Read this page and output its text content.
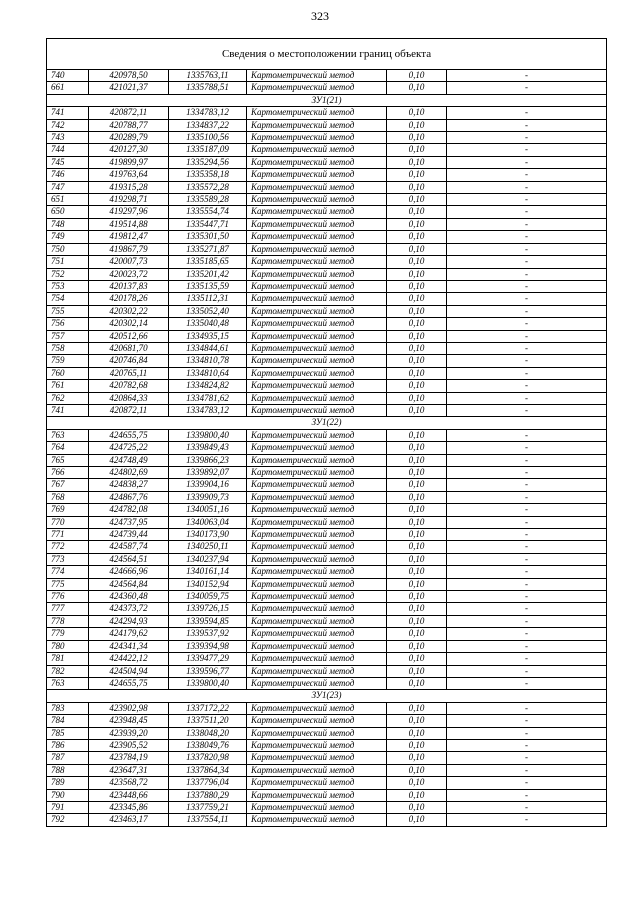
323
Сведения о местоположении границ объекта					
740	420978,50	1335763,11	Картометрический метод	0,10	-
661	421021,37	1335788,51	Картометрический метод	0,10	-
ЗУ1(21)					
741	420872,11	1334783,12	Картометрический метод	0,10	-
742	420788,77	1334837,22	Картометрический метод	0,10	-
743	420289,79	1335100,56	Картометрический метод	0,10	-
744	420127,30	1335187,09	Картометрический метод	0,10	-
745	419899,97	1335294,56	Картометрический метод	0,10	-
746	419763,64	1335358,18	Картометрический метод	0,10	-
747	419315,28	1335572,28	Картометрический метод	0,10	-
651	419298,71	1335589,28	Картометрический метод	0,10	-
650	419297,96	1335554,74	Картометрический метод	0,10	-
748	419514,88	1335447,71	Картометрический метод	0,10	-
749	419812,47	1335301,50	Картометрический метод	0,10	-
750	419867,79	1335271,87	Картометрический метод	0,10	-
751	420007,73	1335185,65	Картометрический метод	0,10	-
752	420023,72	1335201,42	Картометрический метод	0,10	-
753	420137,83	1335135,59	Картометрический метод	0,10	-
754	420178,26	1335112,31	Картометрический метод	0,10	-
755	420302,22	1335052,40	Картометрический метод	0,10	-
756	420302,14	1335040,48	Картометрический метод	0,10	-
757	420512,66	1334935,15	Картометрический метод	0,10	-
758	420681,70	1334844,61	Картометрический метод	0,10	-
759	420746,84	1334810,78	Картометрический метод	0,10	-
760	420765,11	1334810,64	Картометрический метод	0,10	-
761	420782,68	1334824,82	Картометрический метод	0,10	-
762	420864,33	1334781,62	Картометрический метод	0,10	-
741	420872,11	1334783,12	Картометрический метод	0,10	-
ЗУ1(22)					
763	424655,75	1339800,40	Картометрический метод	0,10	-
764	424725,22	1339849,43	Картометрический метод	0,10	-
765	424748,49	1339866,23	Картометрический метод	0,10	-
766	424802,69	1339892,07	Картометрический метод	0,10	-
767	424838,27	1339904,16	Картометрический метод	0,10	-
768	424867,76	1339909,73	Картометрический метод	0,10	-
769	424782,08	1340051,16	Картометрический метод	0,10	-
770	424737,95	1340063,04	Картометрический метод	0,10	-
771	424739,44	1340173,90	Картометрический метод	0,10	-
772	424587,74	1340250,11	Картометрический метод	0,10	-
773	424564,51	1340237,94	Картометрический метод	0,10	-
774	424666,96	1340161,14	Картометрический метод	0,10	-
775	424564,84	1340152,94	Картометрический метод	0,10	-
776	424360,48	1340059,75	Картометрический метод	0,10	-
777	424373,72	1339726,15	Картометрический метод	0,10	-
778	424294,93	1339594,85	Картометрический метод	0,10	-
779	424179,62	1339537,92	Картометрический метод	0,10	-
780	424341,34	1339394,98	Картометрический метод	0,10	-
781	424422,12	1339477,29	Картометрический метод	0,10	-
782	424504,94	1339596,77	Картометрический метод	0,10	-
763	424655,75	1339800,40	Картометрический метод	0,10	-
ЗУ1(23)					
783	423902,98	1337172,22	Картометрический метод	0,10	-
784	423948,45	1337511,20	Картометрический метод	0,10	-
785	423939,20	1338048,20	Картометрический метод	0,10	-
786	423905,52	1338049,76	Картометрический метод	0,10	-
787	423784,19	1337820,98	Картометрический метод	0,10	-
788	423647,31	1337864,34	Картометрический метод	0,10	-
789	423568,72	1337796,04	Картометрический метод	0,10	-
790	423448,66	1337880,29	Картометрический метод	0,10	-
791	423345,86	1337759,21	Картометрический метод	0,10	-
792	423463,17	1337554,11	Картометрический метод	0,10	-
